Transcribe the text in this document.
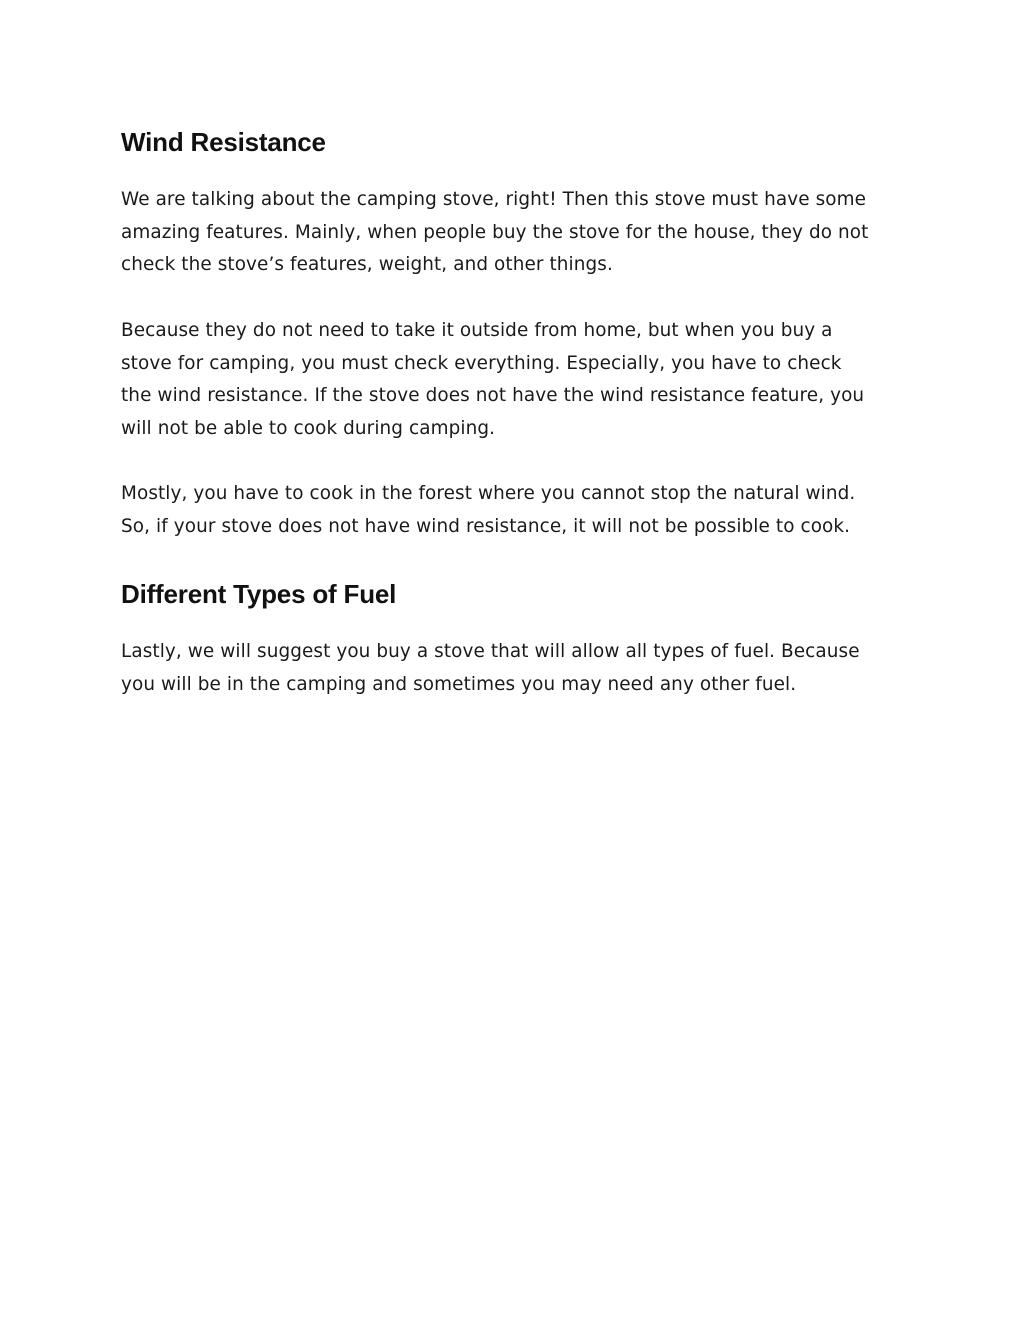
Wind Resistance

We are talking about the camping stove, right! Then this stove must have some
amazing features. Mainly, when people buy the stove for the house, they do not
check the stove’s features, weight, and other things.

Because they do not need to take it outside from home, but when you buy a
stove for camping, you must check everything. Especially, you have to check
the wind resistance. If the stove does not have the wind resistance feature, you
will not be able to cook during camping.

Mostly, you have to cook in the forest where you cannot stop the natural wind.
So, if your stove does not have wind resistance, it will not be possible to cook.

Different Types of Fuel

Lastly, we will suggest you buy a stove that will allow all types of fuel. Because
you will be in the camping and sometimes you may need any other fuel.
